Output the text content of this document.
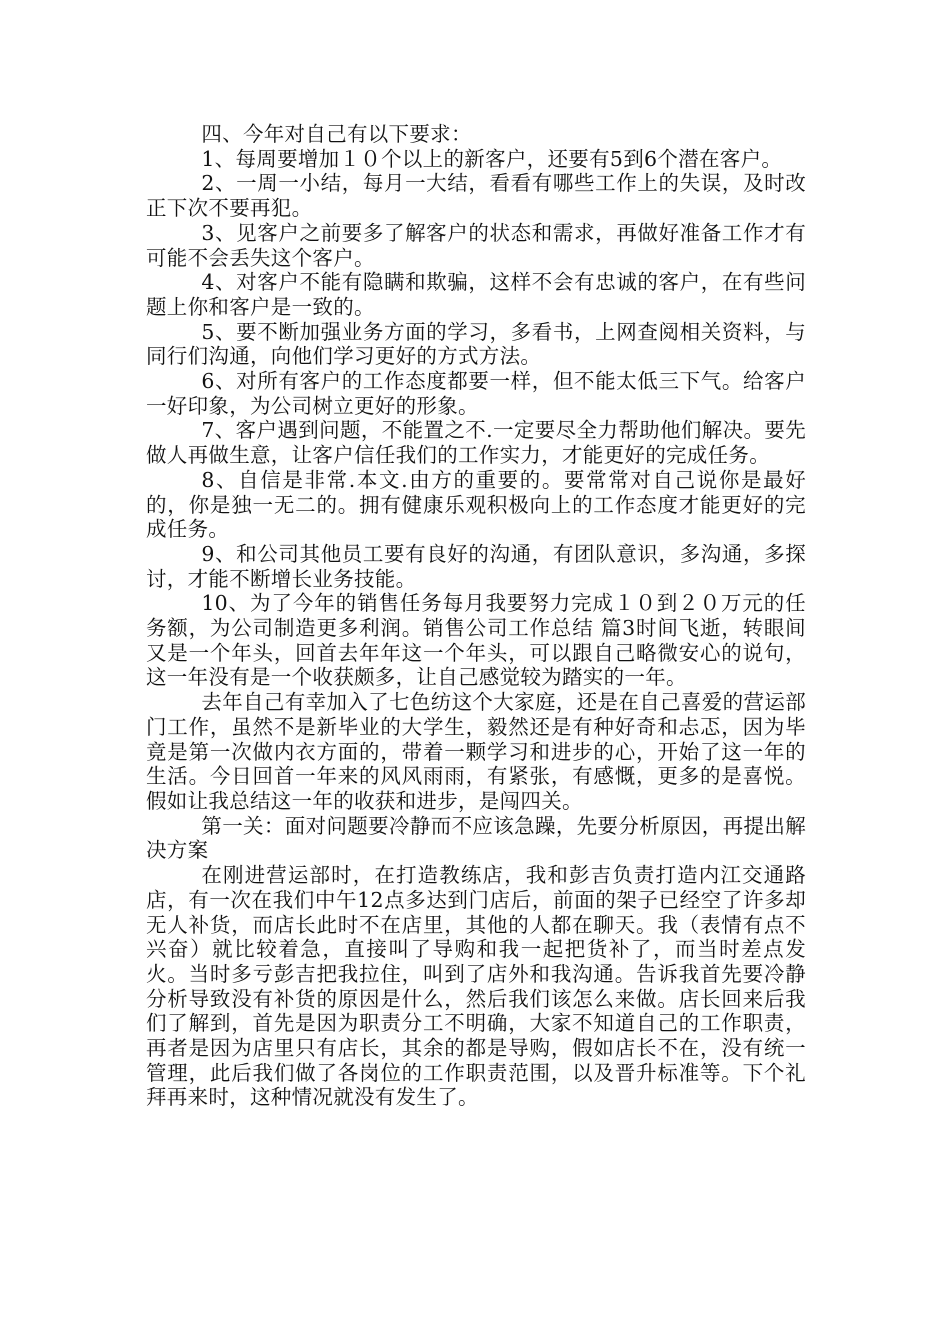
四、今年对自己有以下要求：

1、每周要增加１０个以上的新客户，还要有5到6个潜在客户。

2、一周一小结，每月一大结，看看有哪些工作上的失误，及时改正下次不要再犯。

3、见客户之前要多了解客户的状态和需求，再做好准备工作才有可能不会丢失这个客户。

4、对客户不能有隐瞒和欺骗，这样不会有忠诚的客户，在有些问题上你和客户是一致的。

5、要不断加强业务方面的学习，多看书，上网查阅相关资料，与同行们沟通，向他们学习更好的方式方法。

6、对所有客户的工作态度都要一样，但不能太低三下气。给客户一好印象，为公司树立更好的形象。

7、客户遇到问题，不能置之不.一定要尽全力帮助他们解决。要先做人再做生意，让客户信任我们的工作实力，才能更好的完成任务。

8、自信是非常.本文.由方的重要的。要常常对自己说你是最好的，你是独一无二的。拥有健康乐观积极向上的工作态度才能更好的完成任务。

9、和公司其他员工要有良好的沟通，有团队意识，多沟通，多探讨，才能不断增长业务技能。

10、为了今年的销售任务每月我要努力完成１０到２０万元的任务额，为公司制造更多利润。销售公司工作总结 篇3时间飞逝，转眼间又是一个年头，回首去年年这一个年头，可以跟自己略微安心的说句，这一年没有是一个收获颇多，让自己感觉较为踏实的一年。

去年自己有幸加入了七色纺这个大家庭，还是在自己喜爱的营运部门工作，虽然不是新毕业的大学生，毅然还是有种好奇和忐忑，因为毕竟是第一次做内衣方面的，带着一颗学习和进步的心，开始了这一年的生活。今日回首一年来的风风雨雨，有紧张，有感慨，更多的是喜悦。假如让我总结这一年的收获和进步，是闯四关。

第一关：面对问题要冷静而不应该急躁，先要分析原因，再提出解决方案

在刚进营运部时，在打造教练店，我和彭吉负责打造内江交通路店，有一次在我们中午12点多达到门店后，前面的架子已经空了许多却无人补货，而店长此时不在店里，其他的人都在聊天。我（表情有点不兴奋）就比较着急，直接叫了导购和我一起把货补了，而当时差点发火。当时多亏彭吉把我拉住，叫到了店外和我沟通。告诉我首先要冷静分析导致没有补货的原因是什么，然后我们该怎么来做。店长回来后我们了解到，首先是因为职责分工不明确，大家不知道自己的工作职责，再者是因为店里只有店长，其余的都是导购，假如店长不在，没有统一管理，此后我们做了各岗位的工作职责范围，以及晋升标准等。下个礼拜再来时，这种情况就没有发生了。
